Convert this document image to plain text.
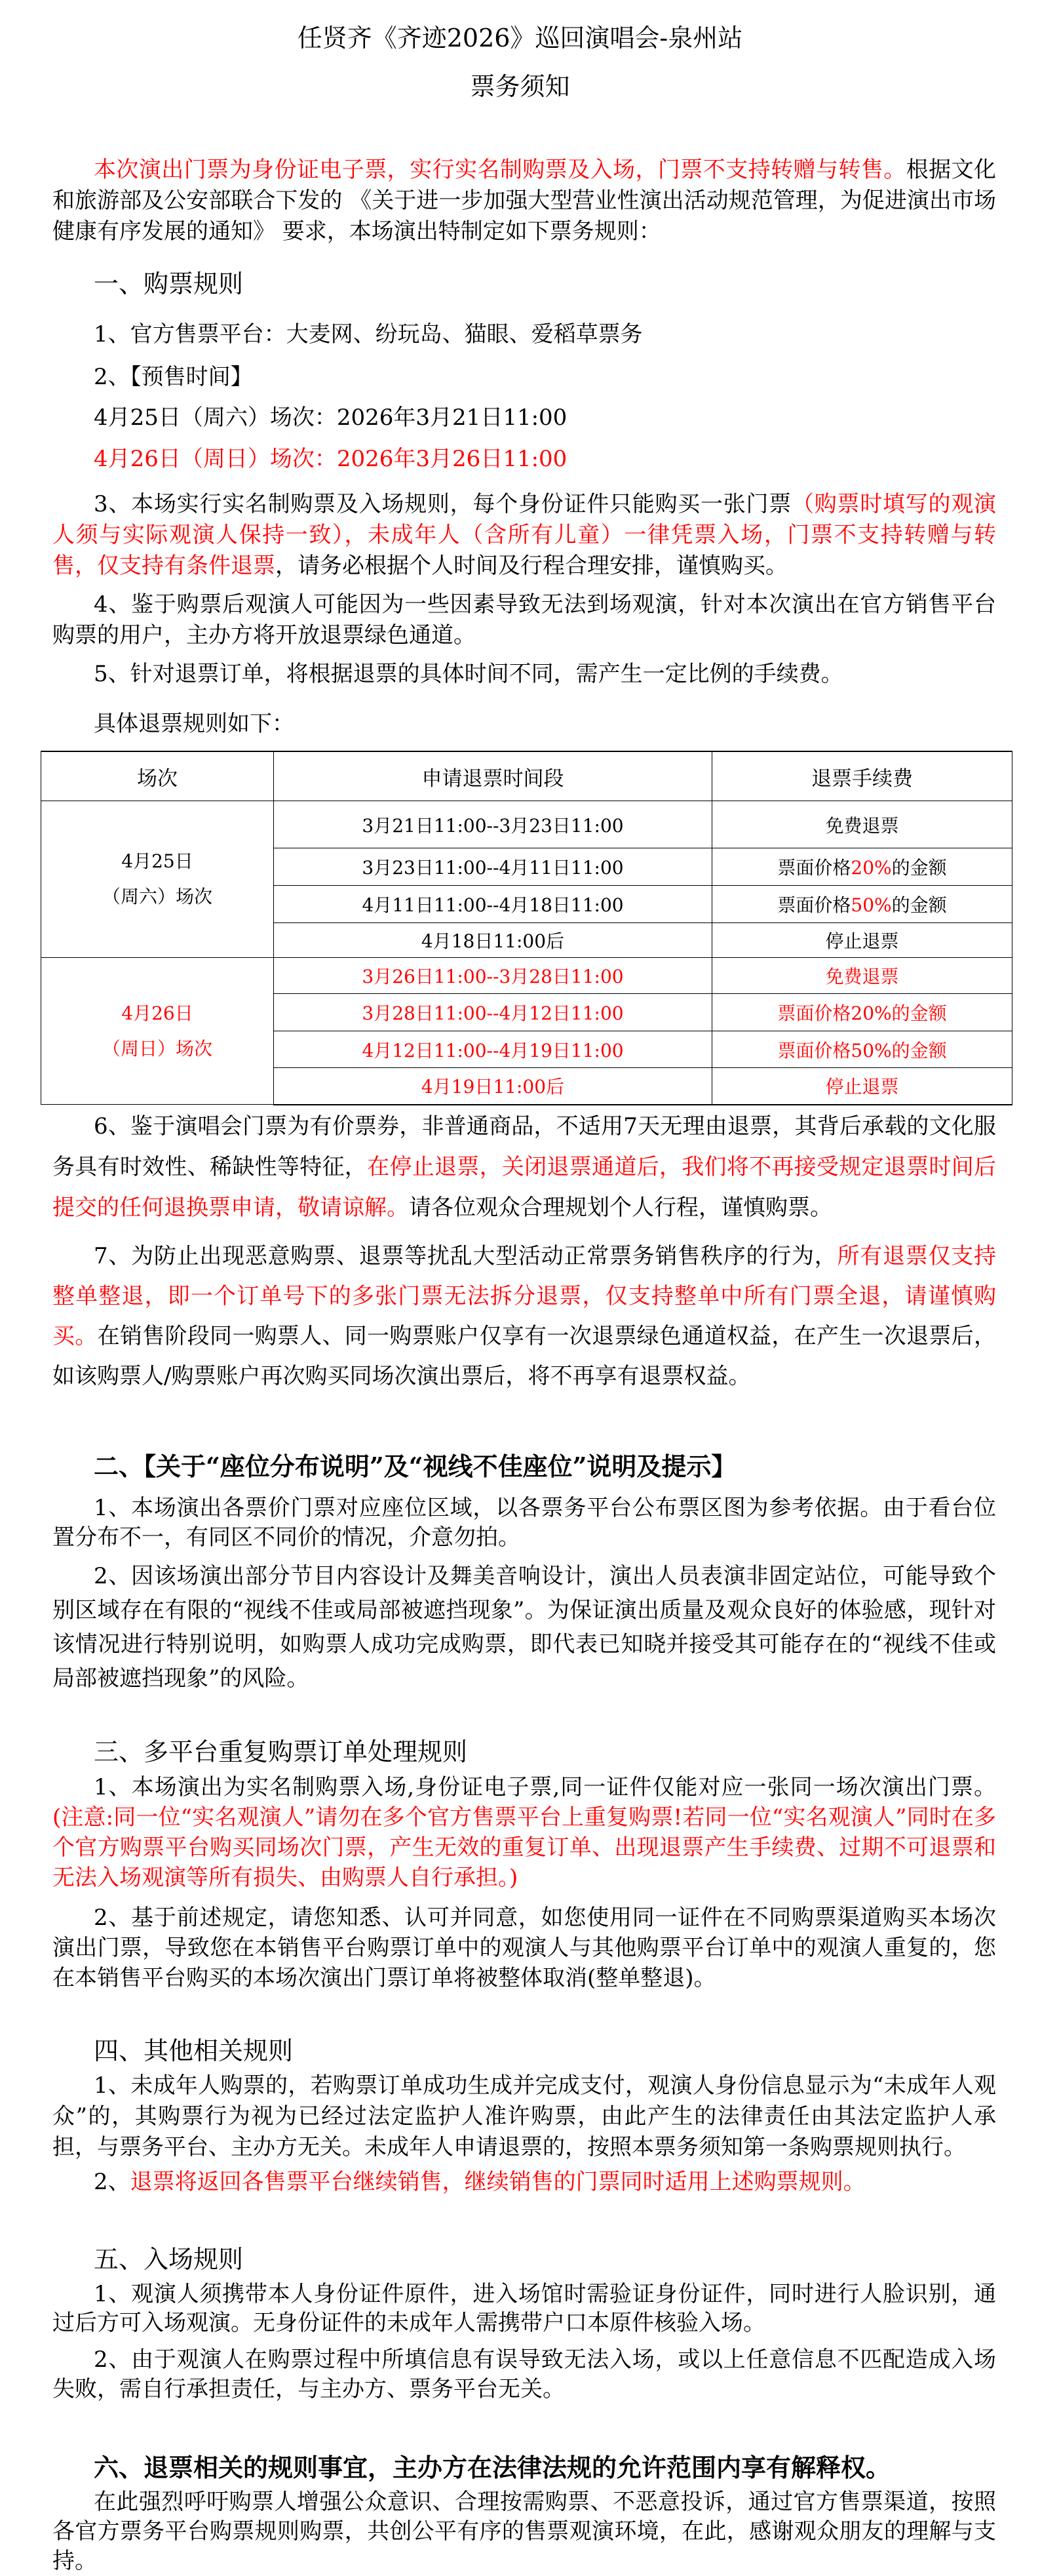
任贤齐《齐迹2026》巡回演唱会-泉州站
票务须知
本次演出门票为身份证电子票，实行实名制购票及入场，门票不支持转赠与转售。根据文化和旅游部及公安部联合下发的 《关于进一步加强大型营业性演出活动规范管理，为促进演出市场健康有序发展的通知》 要求，本场演出特制定如下票务规则：
一、购票规则
1、官方售票平台：大麦网、纷玩岛、猫眼、爱稻草票务
2、【预售时间】
4月25日（周六）场次：2026年3月21日11:00
4月26日（周日）场次：2026年3月26日11:00
3、本场实行实名制购票及入场规则，每个身份证件只能购买一张门票（购票时填写的观演人须与实际观演人保持一致），未成年人（含所有儿童）一律凭票入场，门票不支持转赠与转售，仅支持有条件退票，请务必根据个人时间及行程合理安排，谨慎购买。
4、鉴于购票后观演人可能因为一些因素导致无法到场观演，针对本次演出在官方销售平台购票的用户，主办方将开放退票绿色通道。
5、针对退票订单，将根据退票的具体时间不同，需产生一定比例的手续费。
具体退票规则如下：
场次	申请退票时间段	退票手续费

4月25日
（周六）场次	3月21日11:00--3月23日11:00	免费退票
	3月23日11:00--4月11日11:00	票面价格20%的金额
	4月11日11:00--4月18日11:00	票面价格50%的金额
	4月18日11:00后	停止退票

4月26日
（周日）场次	3月26日11:00--3月28日11:00	免费退票
	3月28日11:00--4月12日11:00	票面价格20%的金额
	4月12日11:00--4月19日11:00	票面价格50%的金额
	4月19日11:00后	停止退票
6、鉴于演唱会门票为有价票券，非普通商品，不适用7天无理由退票，其背后承载的文化服务具有时效性、稀缺性等特征，在停止退票，关闭退票通道后，我们将不再接受规定退票时间后提交的任何退换票申请，敬请谅解。请各位观众合理规划个人行程，谨慎购票。
7、为防止出现恶意购票、退票等扰乱大型活动正常票务销售秩序的行为，所有退票仅支持整单整退，即一个订单号下的多张门票无法拆分退票，仅支持整单中所有门票全退，请谨慎购买。在销售阶段同一购票人、同一购票账户仅享有一次退票绿色通道权益，在产生一次退票后，如该购票人/购票账户再次购买同场次演出票后，将不再享有退票权益。
二、【关于“座位分布说明”及“视线不佳座位”说明及提示】
1、本场演出各票价门票对应座位区域，以各票务平台公布票区图为参考依据。由于看台位置分布不一，有同区不同价的情况，介意勿拍。
2、因该场演出部分节目内容设计及舞美音响设计，演出人员表演非固定站位，可能导致个别区域存在有限的“视线不佳或局部被遮挡现象”。为保证演出质量及观众良好的体验感，现针对该情况进行特别说明，如购票人成功完成购票，即代表已知晓并接受其可能存在的“视线不佳或局部被遮挡现象”的风险。
三、多平台重复购票订单处理规则
1、本场演出为实名制购票入场,身份证电子票,同一证件仅能对应一张同一场次演出门票。(注意:同一位“实名观演人”请勿在多个官方售票平台上重复购票!若同一位“实名观演人”同时在多个官方购票平台购买同场次门票，产生无效的重复订单、出现退票产生手续费、过期不可退票和无法入场观演等所有损失、由购票人自行承担。)
2、基于前述规定，请您知悉、认可并同意，如您使用同一证件在不同购票渠道购买本场次演出门票，导致您在本销售平台购票订单中的观演人与其他购票平台订单中的观演人重复的，您在本销售平台购买的本场次演出门票订单将被整体取消(整单整退)。
四、其他相关规则
1、未成年人购票的，若购票订单成功生成并完成支付，观演人身份信息显示为“未成年人观众”的，其购票行为视为已经过法定监护人准许购票，由此产生的法律责任由其法定监护人承担，与票务平台、主办方无关。未成年人申请退票的，按照本票务须知第一条购票规则执行。
2、退票将返回各售票平台继续销售，继续销售的门票同时适用上述购票规则。
五、入场规则
1、观演人须携带本人身份证件原件，进入场馆时需验证身份证件，同时进行人脸识别，通过后方可入场观演。无身份证件的未成年人需携带户口本原件核验入场。
2、由于观演人在购票过程中所填信息有误导致无法入场，或以上任意信息不匹配造成入场失败，需自行承担责任，与主办方、票务平台无关。
六、退票相关的规则事宜，主办方在法律法规的允许范围内享有解释权。
在此强烈呼吁购票人增强公众意识、合理按需购票、不恶意投诉，通过官方售票渠道，按照各官方票务平台购票规则购票，共创公平有序的售票观演环境，在此，感谢观众朋友的理解与支持。
